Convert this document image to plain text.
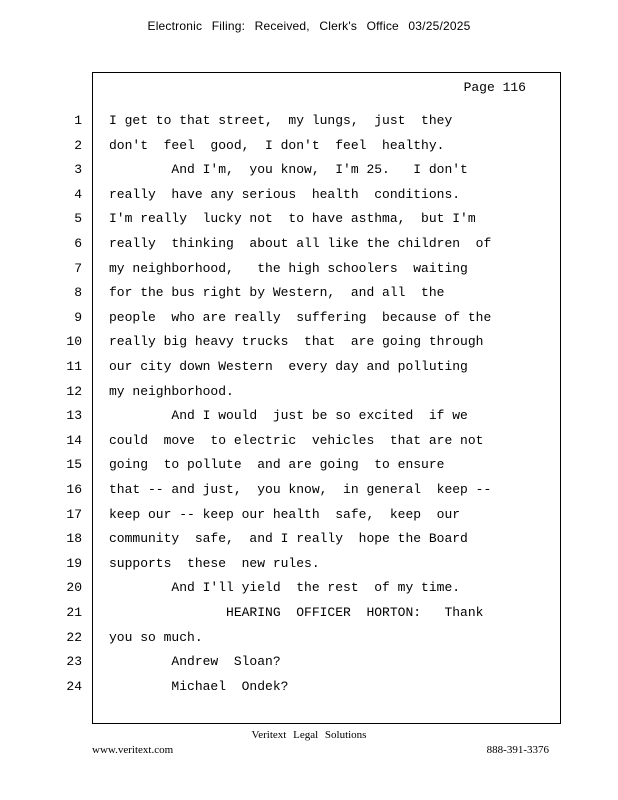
Electronic Filing: Received, Clerk's Office 03/25/2025
Page 116
1 I get to that street,  my lungs,  just  they
2 don't  feel  good,  I don't  feel  healthy.
3 And I'm,  you know,  I'm 25.   I don't
4 really  have any serious  health  conditions.
5 I'm really  lucky not  to have asthma,  but I'm
6 really  thinking  about all like the children  of
7 my neighborhood,   the high schoolers  waiting
8 for the bus right by Western,  and all  the
9 people  who are really  suffering  because of the
10 really big heavy trucks  that  are going through
11 our city down Western  every day and polluting
12 my neighborhood.
13 And I would  just be so excited  if we
14 could  move  to electric  vehicles  that are not
15 going  to pollute  and are going  to ensure
16 that -- and just,  you know,  in general  keep --
17 keep our -- keep our health  safe,  keep  our
18 community  safe,  and I really  hope the Board
19 supports  these  new rules.
20 And I'll yield  the rest  of my time.
21 HEARING  OFFICER  HORTON:   Thank
22 you so much.
23 Andrew  Sloan?
24 Michael  Ondek?
Veritext Legal Solutions
www.veritext.com	888-391-3376
